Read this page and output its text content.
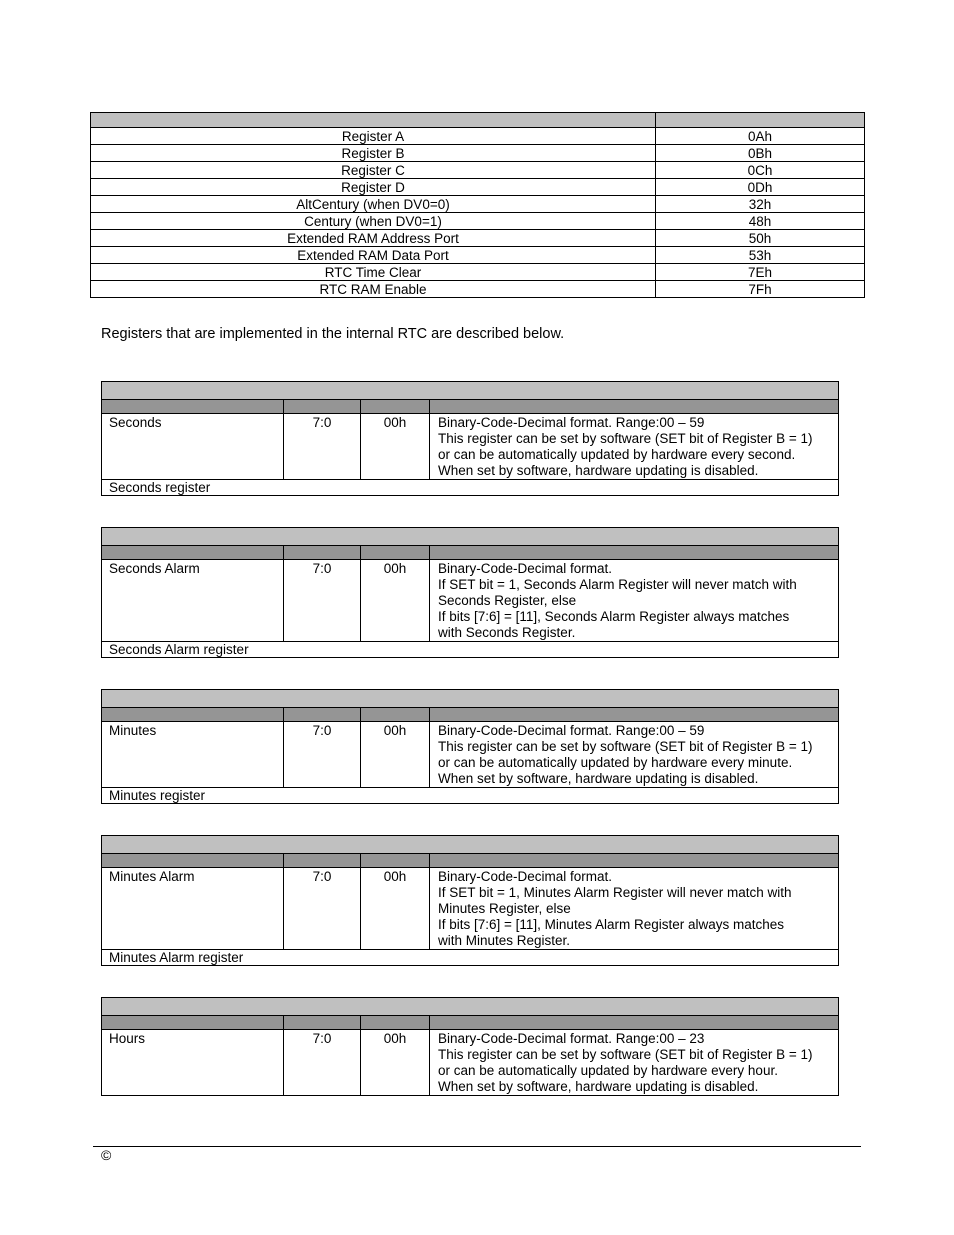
Register A	0Ah
Register B	0Bh
Register C	0Ch
Register D	0Dh
AltCentury (when DV0=0)	32h
Century (when DV0=1)	48h
Extended RAM Address Port	50h
Extended RAM Data Port	53h
RTC Time Clear	7Eh
RTC RAM Enable	7Fh

Registers that are implemented in the internal RTC are described below.

Seconds	7:0	00h	Binary-Code-Decimal format. Range:00 – 59
This register can be set by software (SET bit of Register B = 1)
or can be automatically updated by hardware every second.
When set by software, hardware updating is disabled.

Seconds register			

Seconds Alarm	7:0	00h	Binary-Code-Decimal format.
If SET bit = 1, Seconds Alarm Register will never match with
Seconds Register, else
If bits [7:6] = [11], Seconds Alarm Register always matches
with Seconds Register.

Seconds Alarm register			

Minutes	7:0	00h	Binary-Code-Decimal format. Range:00 – 59
This register can be set by software (SET bit of Register B = 1)
or can be automatically updated by hardware every minute.
When set by software, hardware updating is disabled.

Minutes register			

Minutes Alarm	7:0	00h	Binary-Code-Decimal format.
If SET bit = 1, Minutes Alarm Register will never match with
Minutes Register, else
If bits [7:6] = [11], Minutes Alarm Register always matches
with Minutes Register.

Minutes Alarm register			

Hours	7:0	00h	Binary-Code-Decimal format. Range:00 – 23
This register can be set by software (SET bit of Register B = 1)
or can be automatically updated by hardware every hour.
When set by software, hardware updating is disabled.
©
